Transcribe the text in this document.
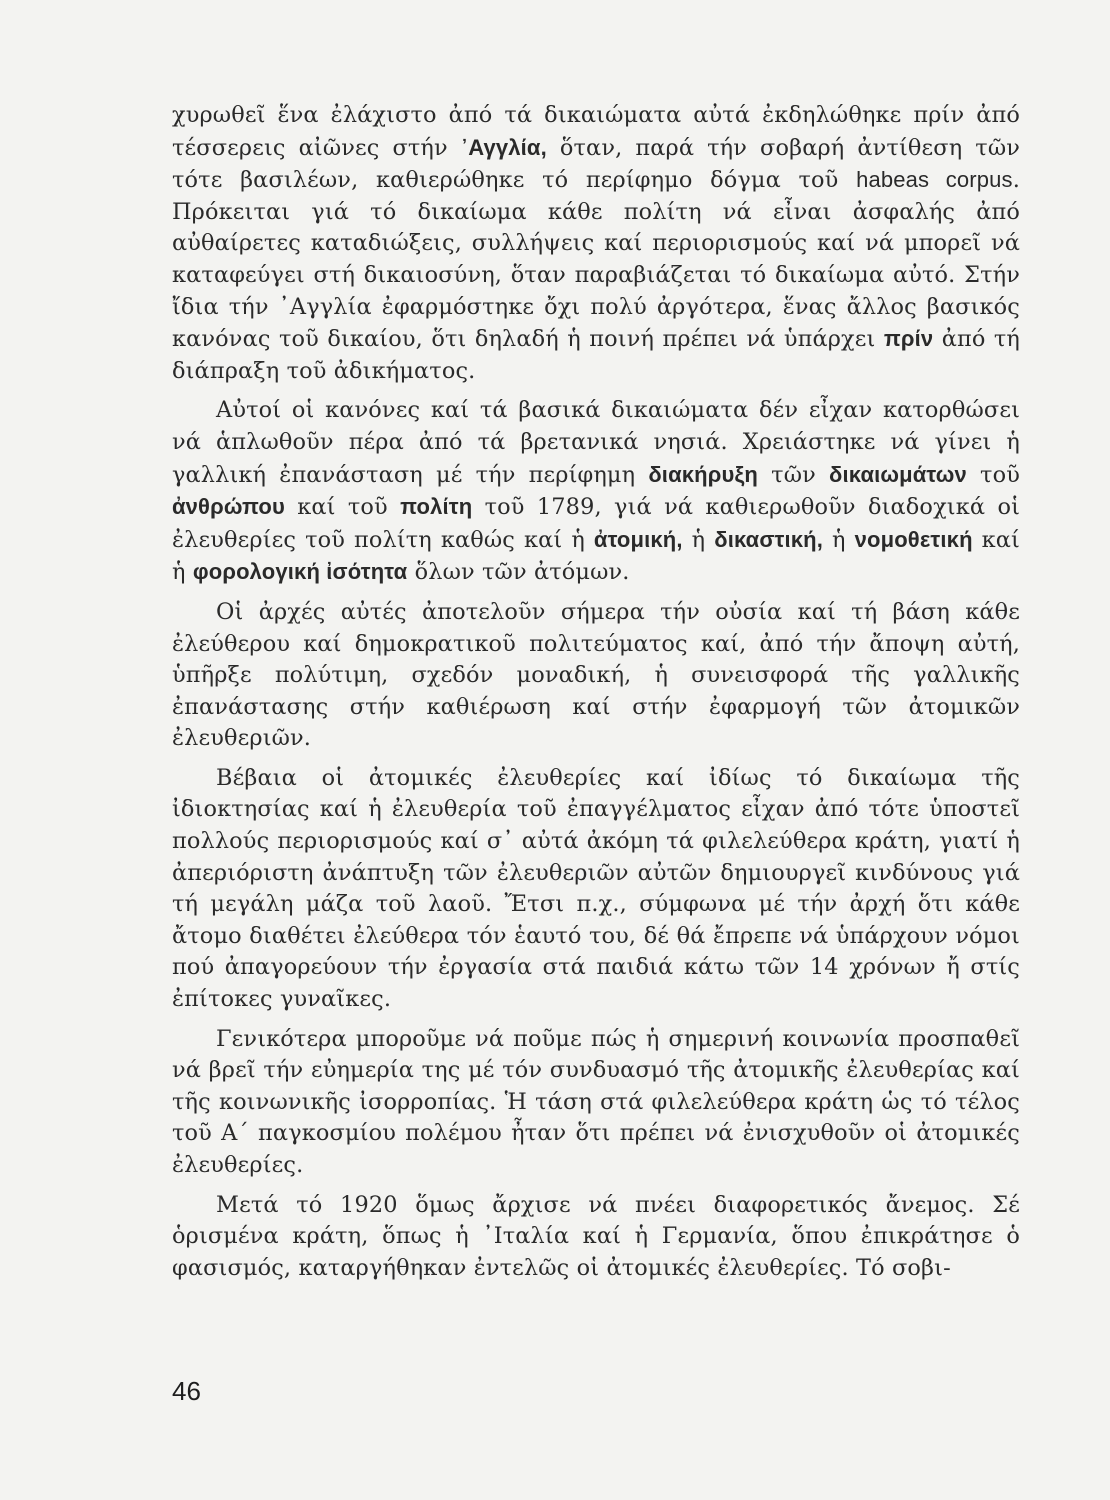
χυρωθεῖ ἕνα ἐλάχιστο ἀπό τά δικαιώματα αὐτά ἐκδηλώθηκε πρίν ἀπό τέσσερεις αἰῶνες στήν ᾿Αγγλία, ὅταν, παρά τήν σοβαρή ἀντίθεση τῶν τότε βασιλέων, καθιερώθηκε τό περίφημο δόγμα τοῦ habeas corpus. Πρόκειται γιά τό δικαίωμα κάθε πολίτη νά εἶναι ἀσφαλής ἀπό αὐθαίρετες καταδιώξεις, συλλήψεις καί περιορισμούς καί νά μπορεῖ νά καταφεύγει στή δικαιοσύνη, ὅταν παραβιάζεται τό δικαίωμα αὐτό. Στήν ἴδια τήν ᾿Αγγλία ἐφαρμόστηκε ὄχι πολύ ἀργότερα, ἕνας ἄλλος βασικός κανόνας τοῦ δικαίου, ὅτι δηλαδή ἡ ποινή πρέπει νά ὑπάρχει πρίν ἀπό τή διάπραξη τοῦ ἀδικήματος.

Αὐτοί οἱ κανόνες καί τά βασικά δικαιώματα δέν εἶχαν κατορθώσει νά ἁπλωθοῦν πέρα ἀπό τά βρετανικά νησιά. Χρειάστηκε νά γίνει ἡ γαλλική ἐπανάσταση μέ τήν περίφημη διακήρυξη τῶν δικαιωμάτων τοῦ ἀνθρώπου καί τοῦ πολίτη τοῦ 1789, γιά νά καθιερωθοῦν διαδοχικά οἱ ἐλευθερίες τοῦ πολίτη καθώς καί ἡ ἀτομική, ἡ δικαστική, ἡ νομοθετική καί ἡ φορολογική ἰσότητα ὅλων τῶν ἀτόμων.

Οἱ ἀρχές αὐτές ἀποτελοῦν σήμερα τήν οὐσία καί τή βάση κάθε ἐλεύθερου καί δημοκρατικοῦ πολιτεύματος καί, ἀπό τήν ἄποψη αὐτή, ὑπῆρξε πολύτιμη, σχεδόν μοναδική, ἡ συνεισφορά τῆς γαλλικῆς ἐπανάστασης στήν καθιέρωση καί στήν ἐφαρμογή τῶν ἀτομικῶν ἐλευθεριῶν.

Βέβαια οἱ ἀτομικές ἐλευθερίες καί ἰδίως τό δικαίωμα τῆς ἰδιοκτησίας καί ἡ ἐλευθερία τοῦ ἐπαγγέλματος εἶχαν ἀπό τότε ὑποστεῖ πολλούς περιορισμούς καί σ᾿ αὐτά ἀκόμη τά φιλελεύθερα κράτη, γιατί ἡ ἀπεριόριστη ἀνάπτυξη τῶν ἐλευθεριῶν αὐτῶν δημιουργεῖ κινδύνους γιά τή μεγάλη μάζα τοῦ λαοῦ. Ἔτσι π.χ., σύμφωνα μέ τήν ἀρχή ὅτι κάθε ἄτομο διαθέτει ἐλεύθερα τόν ἑαυτό του, δέ θά ἔπρεπε νά ὑπάρχουν νόμοι πού ἀπαγορεύουν τήν ἐργασία στά παιδιά κάτω τῶν 14 χρόνων ἤ στίς ἐπίτοκες γυναῖκες.

Γενικότερα μποροῦμε νά ποῦμε πώς ἡ σημερινή κοινωνία προσπαθεῖ νά βρεῖ τήν εὐημερία της μέ τόν συνδυασμό τῆς ἀτομικῆς ἐλευθερίας καί τῆς κοινωνικῆς ἰσορροπίας. Ἡ τάση στά φιλελεύθερα κράτη ὡς τό τέλος τοῦ Α΄ παγκοσμίου πολέμου ἦταν ὅτι πρέπει νά ἐνισχυθοῦν οἱ ἀτομικές ἐλευθερίες.

Μετά τό 1920 ὅμως ἄρχισε νά πνέει διαφορετικός ἄνεμος. Σέ ὁρισμένα κράτη, ὅπως ἡ ᾿Ιταλία καί ἡ Γερμανία, ὅπου ἐπικράτησε ὁ φασισμός, καταργήθηκαν ἐντελῶς οἱ ἀτομικές ἐλευθερίες. Τό σοβι-

46
